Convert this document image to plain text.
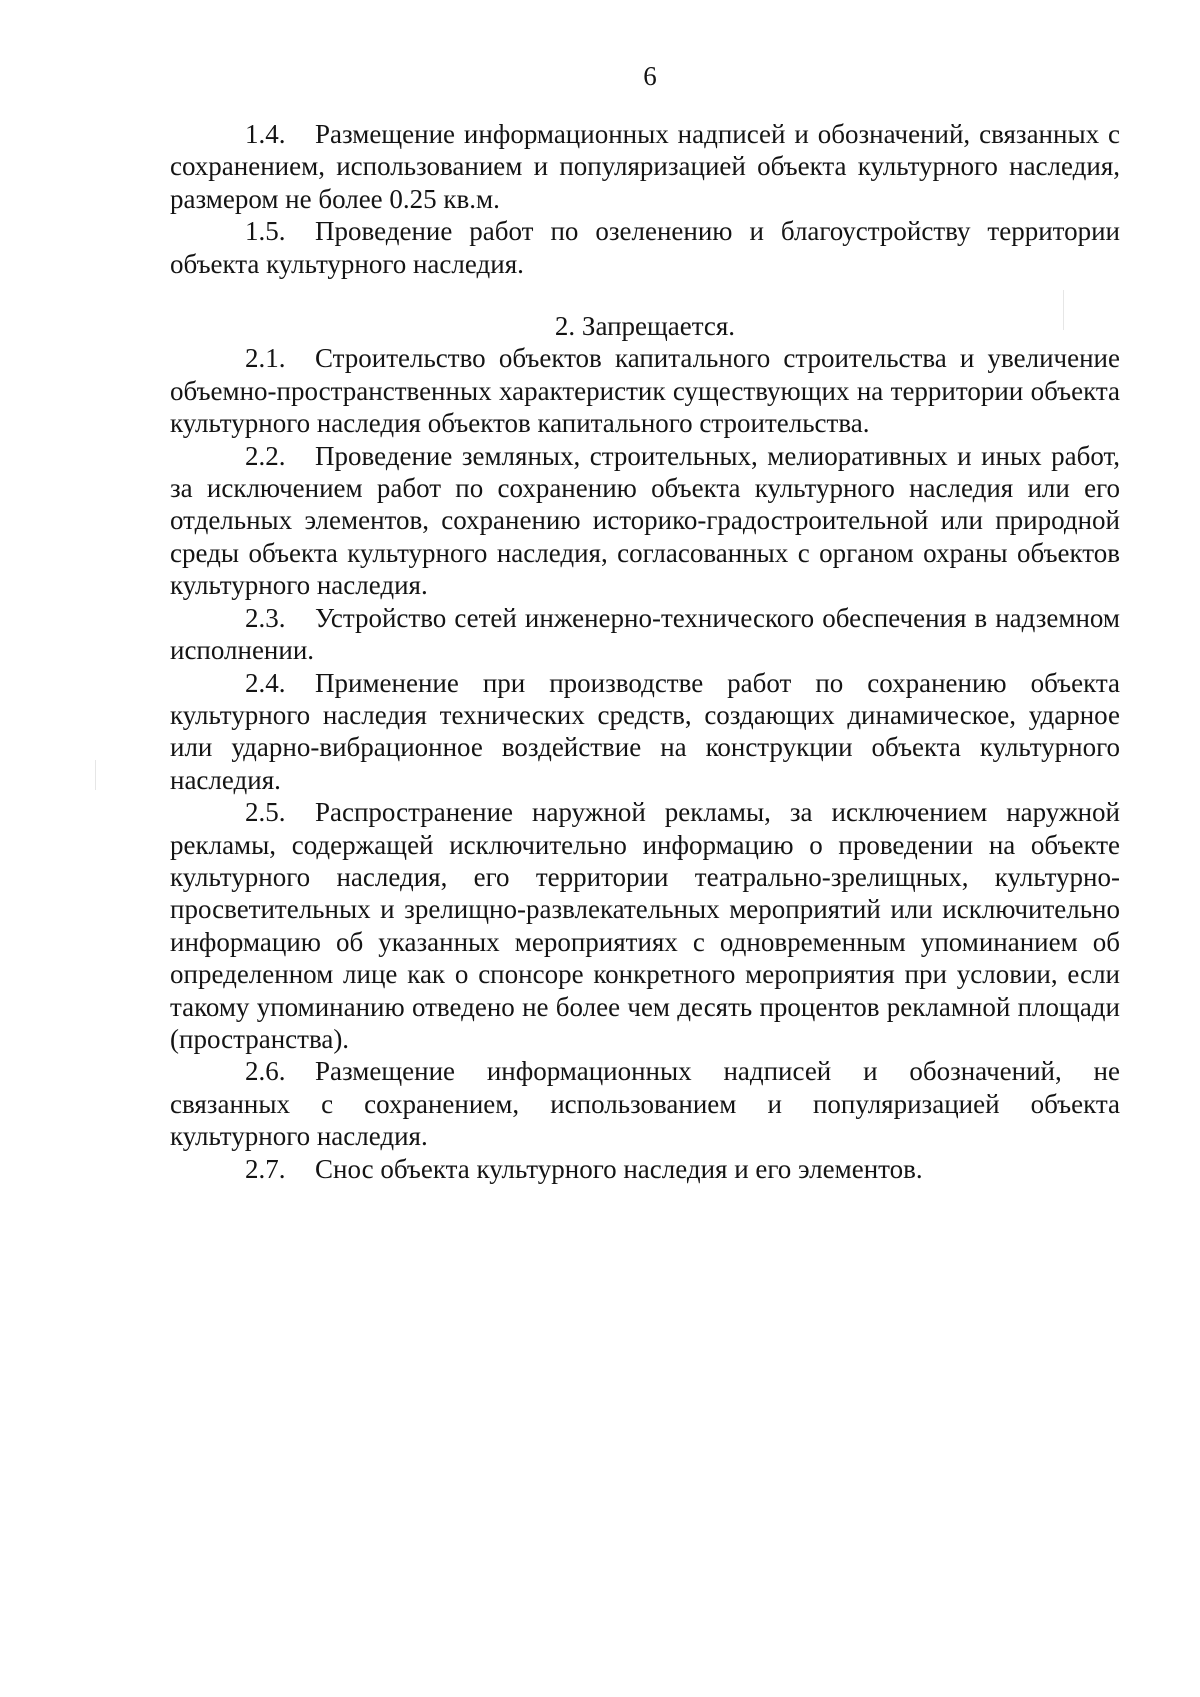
6

1.4. Размещение информационных надписей и обозначений, связанных с сохранением, использованием и популяризацией объекта культурного наследия, размером не более 0.25 кв.м.

1.5. Проведение работ по озеленению и благоустройству территории объекта культурного наследия.

2. Запрещается.

2.1. Строительство объектов капитального строительства и увеличение объемно-пространственных характеристик существующих на территории объекта культурного наследия объектов капитального строительства.

2.2. Проведение земляных, строительных, мелиоративных и иных работ, за исключением работ по сохранению объекта культурного наследия или его отдельных элементов, сохранению историко-градостроительной или природной среды объекта культурного наследия, согласованных с органом охраны объектов культурного наследия.

2.3. Устройство сетей инженерно-технического обеспечения в надземном исполнении.

2.4. Применение при производстве работ по сохранению объекта культурного наследия технических средств, создающих динамическое, ударное или ударно-вибрационное воздействие на конструкции объекта культурного наследия.

2.5. Распространение наружной рекламы, за исключением наружной рекламы, содержащей исключительно информацию о проведении на объекте культурного наследия, его территории театрально-зрелищных, культурно-просветительных и зрелищно-развлекательных мероприятий или исключительно информацию об указанных мероприятиях с одновременным упоминанием об определенном лице как о спонсоре конкретного мероприятия при условии, если такому упоминанию отведено не более чем десять процентов рекламной площади (пространства).

2.6. Размещение информационных надписей и обозначений, не связанных с сохранением, использованием и популяризацией объекта культурного наследия.

2.7. Снос объекта культурного наследия и его элементов.
